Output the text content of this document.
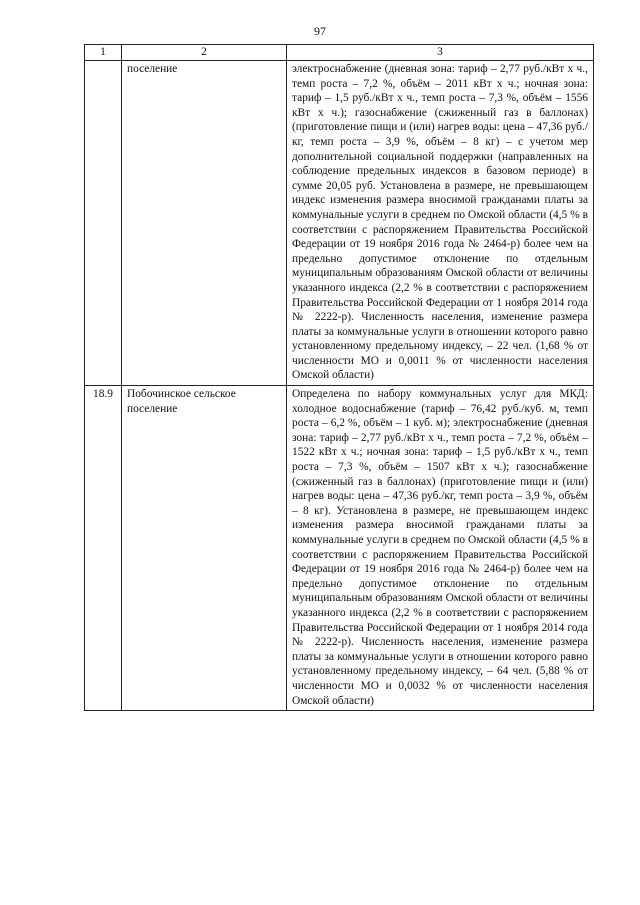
97
1	2	3
	поселение	электроснабжение (дневная зона: тариф – 2,77 руб./кВт х ч., темп роста – 7,2 %, объём – 2011 кВт х ч.; ночная зона: тариф – 1,5 руб./кВт х ч., темп роста – 7,3 %, объём – 1556 кВт х ч.); газоснабжение (сжиженный газ в баллонах) (приготовление пищи и (или) нагрев воды: цена – 47,36 руб./кг, темп роста – 3,9 %, объём – 8 кг) – с учетом мер дополнительной социальной поддержки (направленных на соблюдение предельных индексов в базовом периоде) в сумме 20,05 руб. Установлена в размере, не превышающем индекс изменения размера вносимой гражданами платы за коммунальные услуги в среднем по Омской области (4,5 % в соответствии с распоряжением Правительства Российской Федерации от 19 ноября 2016 года № 2464-р) более чем на предельно допустимое отклонение по отдельным муниципальным образованиям Омской области от величины указанного индекса (2,2 % в соответствии с распоряжением Правительства Российской Федерации от 1 ноября 2014 года № 2222-р). Численность населения, изменение размера платы за коммунальные услуги в отношении которого равно установленному предельному индексу, – 22 чел. (1,68 % от численности МО и 0,0011 % от численности населения Омской области)
18.9	Побочинское сельское поселение	Определена по набору коммунальных услуг для МКД: холодное водоснабжение (тариф – 76,42 руб./куб. м, темп роста – 6,2 %, объём – 1 куб. м); электроснабжение (дневная зона: тариф – 2,77 руб./кВт х ч., темп роста – 7,2 %, объём – 1522 кВт х ч.; ночная зона: тариф – 1,5 руб./кВт х ч., темп роста – 7,3 %, объём – 1507 кВт х ч.); газоснабжение (сжиженный газ в баллонах) (приготовление пищи и (или) нагрев воды: цена – 47,36 руб./кг, темп роста – 3,9 %, объём – 8 кг). Установлена в размере, не превышающем индекс изменения размера вносимой гражданами платы за коммунальные услуги в среднем по Омской области (4,5 % в соответствии с распоряжением Правительства Российской Федерации от 19 ноября 2016 года № 2464-р) более чем на предельно допустимое отклонение по отдельным муниципальным образованиям Омской области от величины указанного индекса (2,2 % в соответствии с распоряжением Правительства Российской Федерации от 1 ноября 2014 года № 2222-р). Численность населения, изменение размера платы за коммунальные услуги в отношении которого равно установленному предельному индексу, – 64 чел. (5,88 % от численности МО и 0,0032 % от численности населения Омской области)
